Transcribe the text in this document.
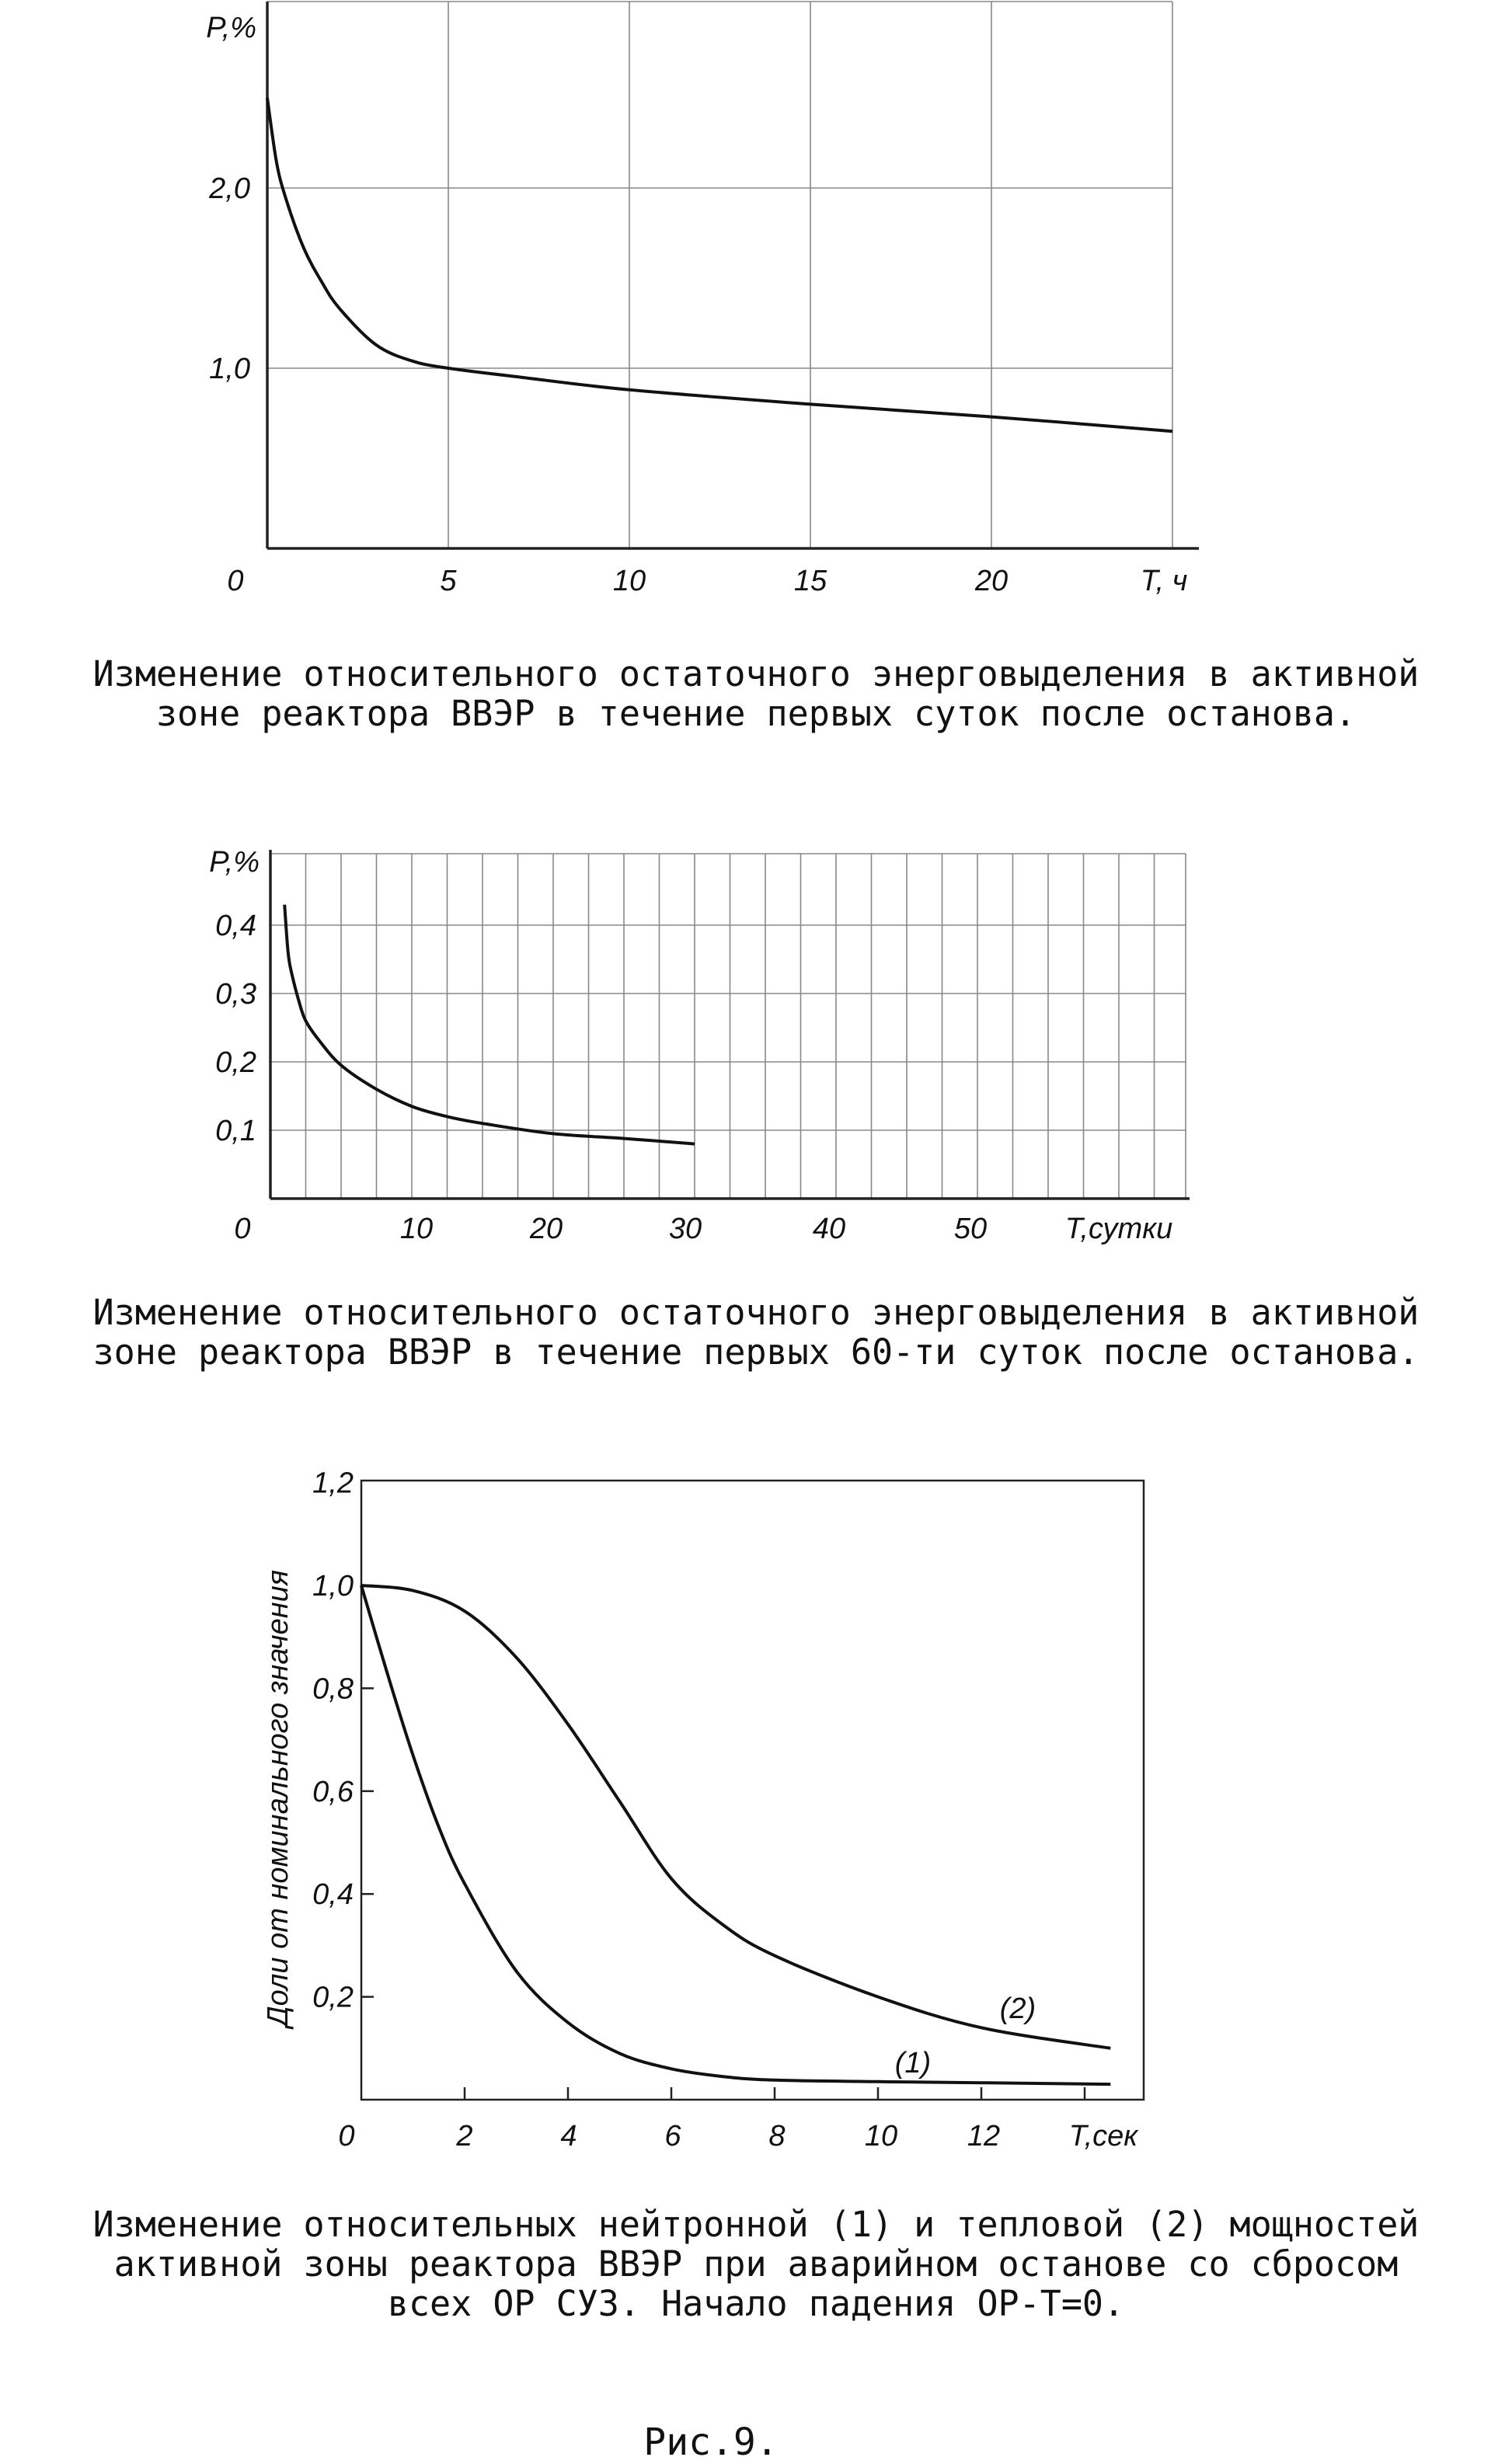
0	5	10	15	20
1,0
2,0
P,%
T, ч
0	10	20	30	40	50
0,1
0,2
0,3
0,4
P,%
T,сутки
0	2	4	6	8	10 12
0,2
0,4
0,6
0,8
1,0
1,2
Т,сек
Доли от номинального значения
(1)
(2)
Изменение относительного остаточного энерговыделения в активной
зоне реактора ВВЭР в течение первых суток после останова.
Изменение относительного остаточного энерговыделения в активной
зоне реактора ВВЭР в течение первых 60-ти суток после останова.
Изменение относительных нейтронной (1) и тепловой (2) мощностей
активной зоны реактора ВВЭР при аварийном останове со сбросом
всех ОР СУЗ. Начало падения ОР-Т=0.
Рис.9.
